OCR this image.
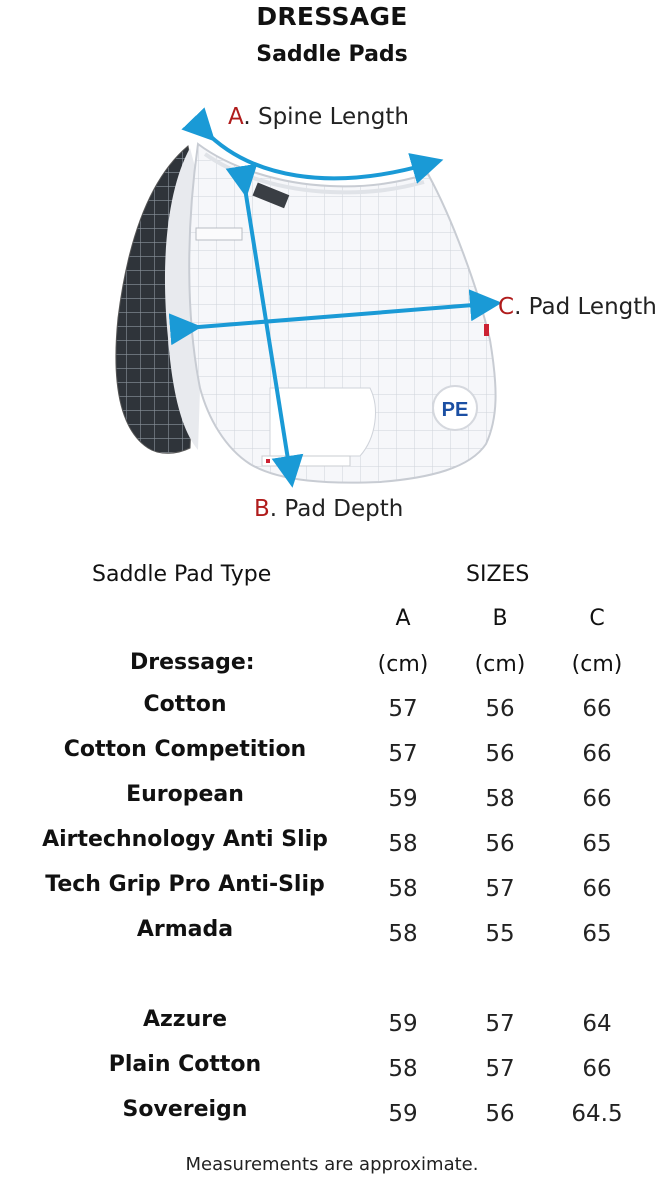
DRESSAGE
Saddle Pads
PE
A. Spine Length
C. Pad Length
B. Pad Depth
Saddle Pad Type	SIZES
A	B	C
Dressage:	(cm)	(cm)	(cm)
Cotton	57	56	66
Cotton Competition	57	56	66
European	59	58	66
Airtechnology Anti Slip	58	56	65
Tech Grip Pro Anti-Slip	58	57	66
Armada	58	55	65
Azzure	59	57	64
Plain Cotton	58	57	66
Sovereign	59	56	64.5
Measurements are approximate.
